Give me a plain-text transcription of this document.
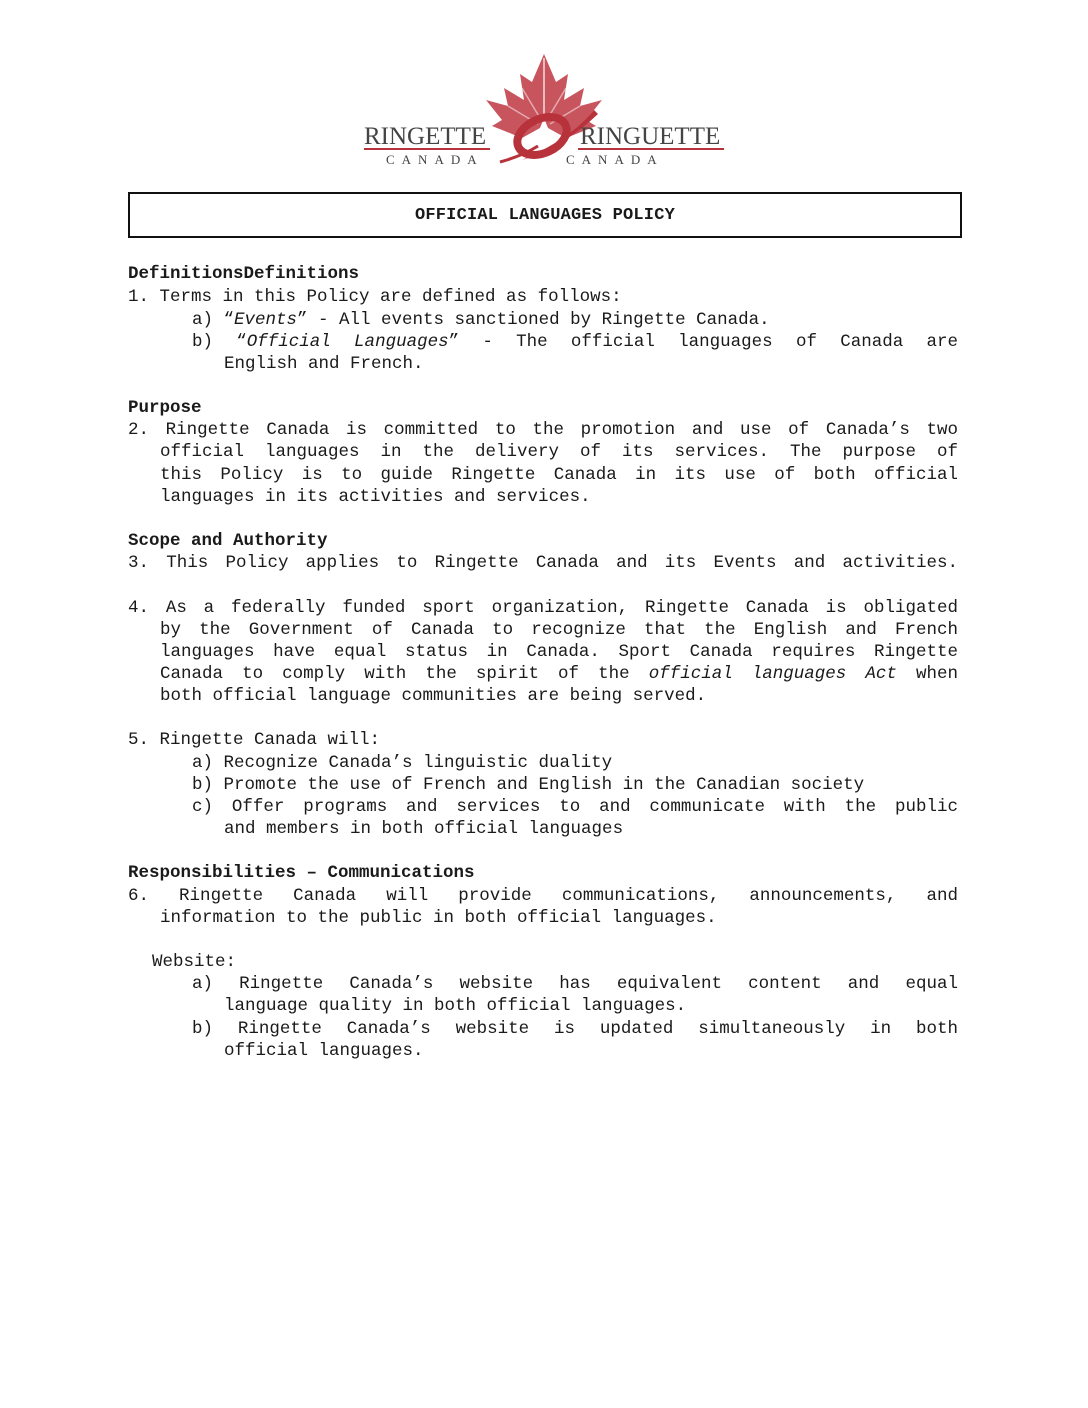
RINGETTE
CANADA
RINGUETTE
CANADA
OFFICIAL LANGUAGES POLICY
DefinitionsDefinitions
1. Terms in this Policy are defined as follows:
a) “Events” - All events sanctioned by Ringette Canada.
b) “Official Languages” - The official languages of Canada are
English and French.
Purpose
2. Ringette Canada is committed to the promotion and use of Canada’s two
official languages in the delivery of its services. The purpose of
this Policy is to guide Ringette Canada in its use of both official
languages in its activities and services.
Scope and Authority
3. This Policy applies to Ringette Canada and its Events and activities.
4. As a federally funded sport organization, Ringette Canada is obligated
by the Government of Canada to recognize that the English and French
languages have equal status in Canada. Sport Canada requires Ringette
Canada to comply with the spirit of the official languages Act when
both official language communities are being served.
5. Ringette Canada will:
a) Recognize Canada’s linguistic duality
b) Promote the use of French and English in the Canadian society
c) Offer programs and services to and communicate with the public
and members in both official languages
Responsibilities – Communications
6. Ringette Canada will provide communications, announcements, and
information to the public in both official languages.
Website:
a) Ringette Canada’s website has equivalent content and equal
language quality in both official languages.
b) Ringette Canada’s website is updated simultaneously in both
official languages.
